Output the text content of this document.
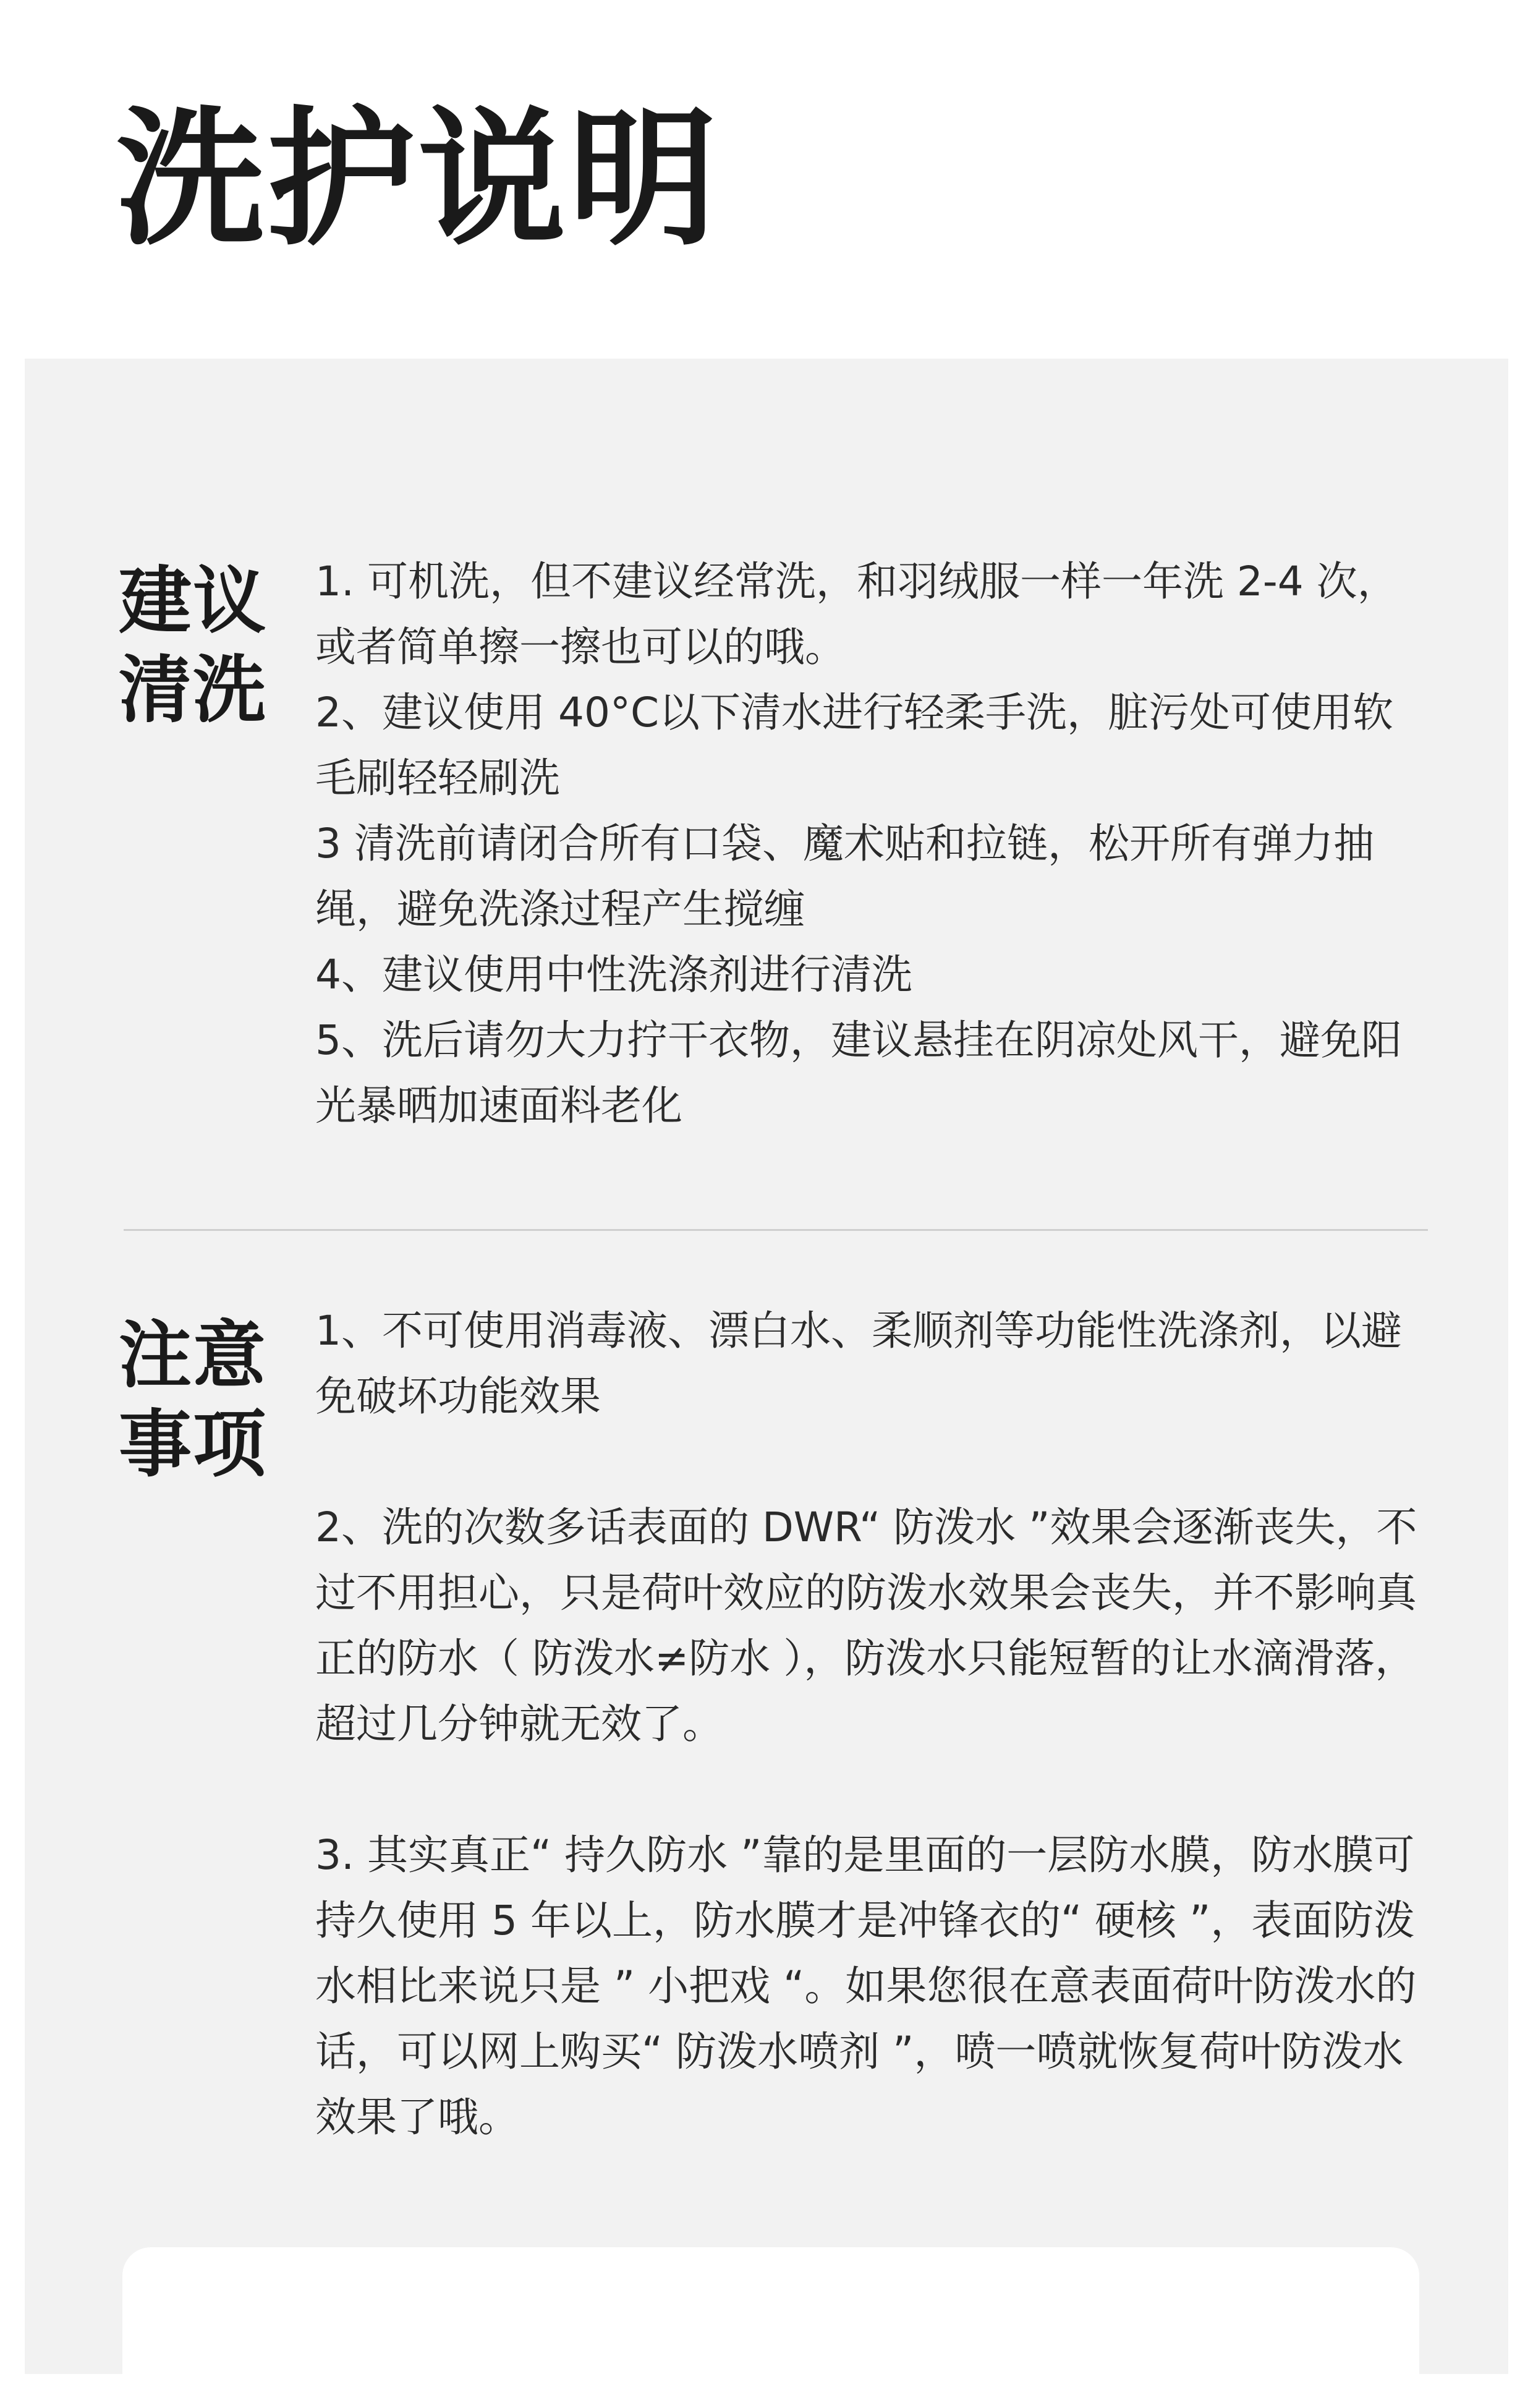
洗护说明
建议
清洗
1. 可机洗，但不建议经常洗，和羽绒服一样一年洗 2-4 次，或者简单擦一擦也可以的哦。
2、建议使用 40°C以下清水进行轻柔手洗，脏污处可使用软毛刷轻轻刷洗
3 清洗前请闭合所有口袋、魔术贴和拉链，松开所有弹力抽绳，避免洗涤过程产生搅缠
4、建议使用中性洗涤剂进行清洗
5、洗后请勿大力拧干衣物，建议悬挂在阴凉处风干，避免阳光暴晒加速面料老化
注意
事项
1、不可使用消毒液、漂白水、柔顺剂等功能性洗涤剂，以避免破坏功能效果
2、洗的次数多话表面的 DWR“ 防泼水 ”效果会逐渐丧失，不过不用担心，只是荷叶效应的防泼水效果会丧失，并不影响真正的防水（ 防泼水≠防水 ），防泼水只能短暂的让水滴滑落，超过几分钟就无效了。
3. 其实真正“ 持久防水 ”靠的是里面的一层防水膜，防水膜可持久使用 5 年以上，防水膜才是冲锋衣的“ 硬核 ”，表面防泼水相比来说只是 ” 小把戏 “。如果您很在意表面荷叶防泼水的话，可以网上购买“ 防泼水喷剂 ”，喷一喷就恢复荷叶防泼水效果了哦。
